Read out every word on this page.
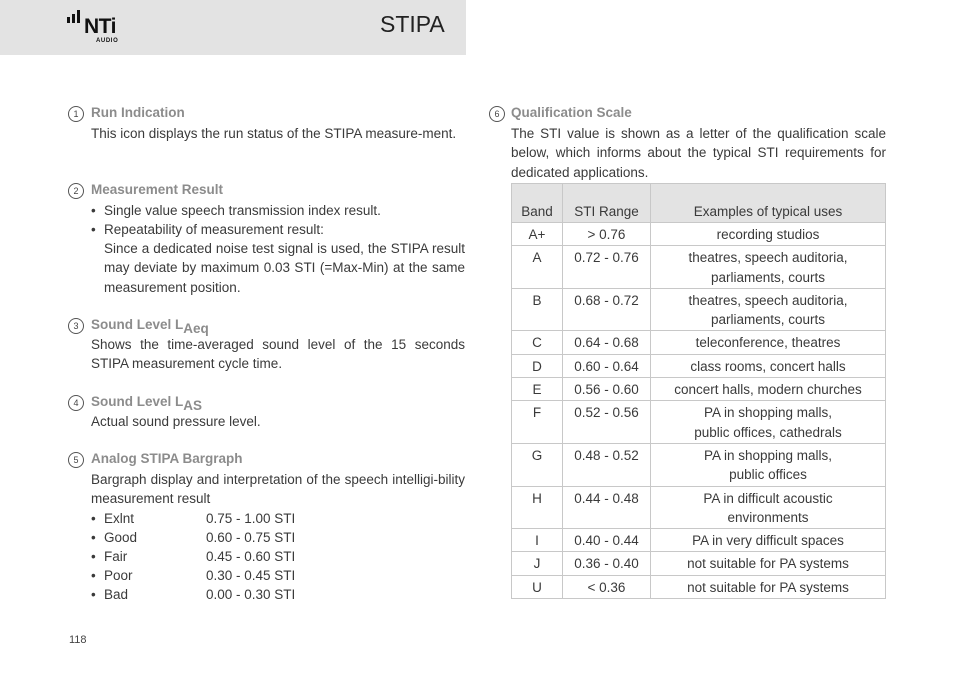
NTi
AUDIO
STIPA
1 Run Indication
This icon displays the run status of the STIPA measure-ment.
2 Measurement Result
• Single value speech transmission index result.
• Repeatability of measurement result:
Since a dedicated noise test signal is used, the STIPA result may deviate by maximum 0.03 STI (=Max-Min) at the same measurement position.
3 Sound Level $L_{Aeq}$
Shows the time-averaged sound level of the 15 seconds STIPA measurement cycle time.
4 Sound Level $L_{AS}$
Actual sound pressure level.
5 Analog STIPA Bargraph
Bargraph display and interpretation of the speech intelligi-bility measurement result
• Exlnt	0.75 - 1.00 STI
• Good	0.60 - 0.75 STI
• Fair	0.45 - 0.60 STI
• Poor	0.30 - 0.45 STI
• Bad	0.00 - 0.30 STI
6 Qualification Scale
The STI value is shown as a letter of the qualification scale below, which informs about the typical STI requirements for dedicated applications.
Band	STI Range	Examples of typical uses
A+	> 0.76	recording studios

A	0.72 - 0.76	theatres, speech auditoria,
parliaments, courts

B	0.68 - 0.72	theatres, speech auditoria,
parliaments, courts

C	0.64 - 0.68	teleconference, theatres

D	0.60 - 0.64	class rooms, concert halls

E	0.56 - 0.60	concert halls, modern churches

F	0.52 - 0.56	PA in shopping malls,
public offices, cathedrals

G	0.48 - 0.52	PA in shopping malls,
public offices

H	0.44 - 0.48	PA in difficult acoustic
environments

I	0.40 - 0.44	PA in very difficult spaces

J	0.36 - 0.40	not suitable for PA systems

U	< 0.36	not suitable for PA systems
118
